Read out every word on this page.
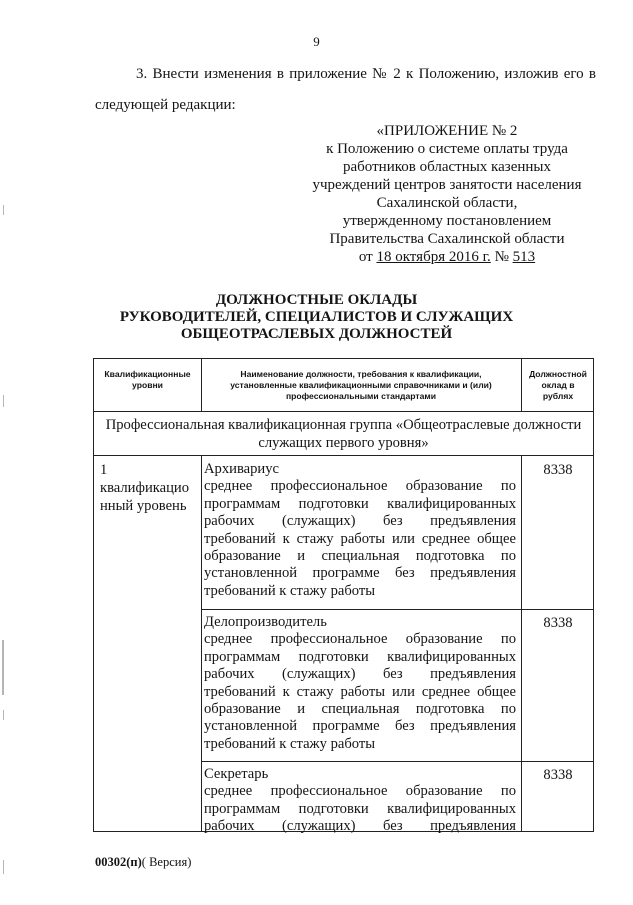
9
3. Внести изменения в приложение № 2 к Положению, изложив его в
следующей редакции:
«ПРИЛОЖЕНИЕ № 2
к Положению о системе оплаты труда
работников областных казенных
учреждений центров занятости населения
Сахалинской области,
утвержденному постановлением
Правительства Сахалинской области
от 18 октября 2016 г. № 513
ДОЛЖНОСТНЫЕ ОКЛАДЫ
РУКОВОДИТЕЛЕЙ, СПЕЦИАЛИСТОВ И СЛУЖАЩИХ
ОБЩЕОТРАСЛЕВЫХ ДОЛЖНОСТЕЙ
Квалификационные
уровни
Наименование должности, требования к квалификации,
установленные квалификационными справочниками и (или)
профессиональными стандартами
Должностной
оклад в
рублях
Профессиональная квалификационная группа «Общеотраслевые должности
служащих первого уровня»
1
квалификацио
нный уровень
Архивариус
среднее профессиональное образование по
программам подготовки квалифицированных
рабочих (служащих) без предъявления
требований к стажу работы или среднее общее
образование и специальная подготовка по
установленной программе без предъявления
требований к стажу работы
8338
Делопроизводитель
среднее профессиональное образование по
программам подготовки квалифицированных
рабочих (служащих) без предъявления
требований к стажу работы или среднее общее
образование и специальная подготовка по
установленной программе без предъявления
требований к стажу работы
8338
Секретарь
среднее профессиональное образование по
программам подготовки квалифицированных
рабочих (служащих) без предъявления
8338
00302(п)( Версия)
